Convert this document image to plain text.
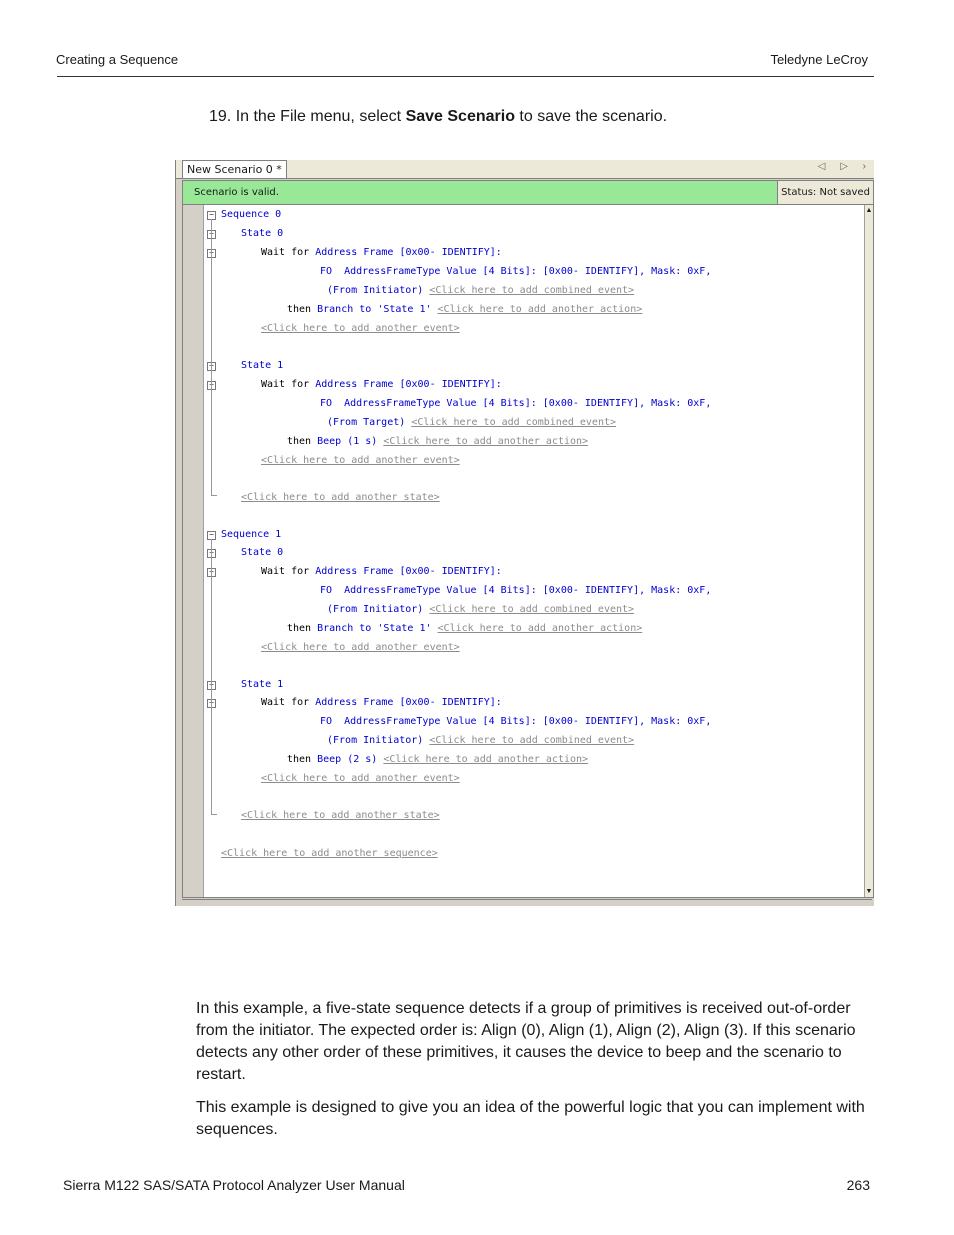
Creating a Sequence	Teledyne LeCroy
19. In the File menu, select Save Scenario to save the scenario.
New Scenario 0 *	◁ ▷ ›
Scenario is valid.	Status: Not saved
▲
▼
Sequence 0
−
State 0
−
Wait for Address Frame [0x00- IDENTIFY]:
−
FO  AddressFrameType Value [4 Bits]: [0x00- IDENTIFY], Mask: 0xF,
(From Initiator) <Click here to add combined event>
then Branch to 'State 1' <Click here to add another action>
<Click here to add another event>
State 1
−
Wait for Address Frame [0x00- IDENTIFY]:
−
FO  AddressFrameType Value [4 Bits]: [0x00- IDENTIFY], Mask: 0xF,
(From Target) <Click here to add combined event>
then Beep (1 s) <Click here to add another action>
<Click here to add another event>
<Click here to add another state>
Sequence 1
−
State 0
−
Wait for Address Frame [0x00- IDENTIFY]:
−
FO  AddressFrameType Value [4 Bits]: [0x00- IDENTIFY], Mask: 0xF,
(From Initiator) <Click here to add combined event>
then Branch to 'State 1' <Click here to add another action>
<Click here to add another event>
State 1
−
Wait for Address Frame [0x00- IDENTIFY]:
−
FO  AddressFrameType Value [4 Bits]: [0x00- IDENTIFY], Mask: 0xF,
(From Initiator) <Click here to add combined event>
then Beep (2 s) <Click here to add another action>
<Click here to add another event>
<Click here to add another state>
<Click here to add another sequence>
In this example, a five-state sequence detects if a group of primitives is received out-of-order from the initiator. The expected order is: Align (0), Align (1), Align (2), Align (3). If this scenario detects any other order of these primitives, it causes the device to beep and the scenario to restart.
This example is designed to give you an idea of the powerful logic that you can implement with sequences.
Sierra M122 SAS/SATA Protocol Analyzer User Manual	263
